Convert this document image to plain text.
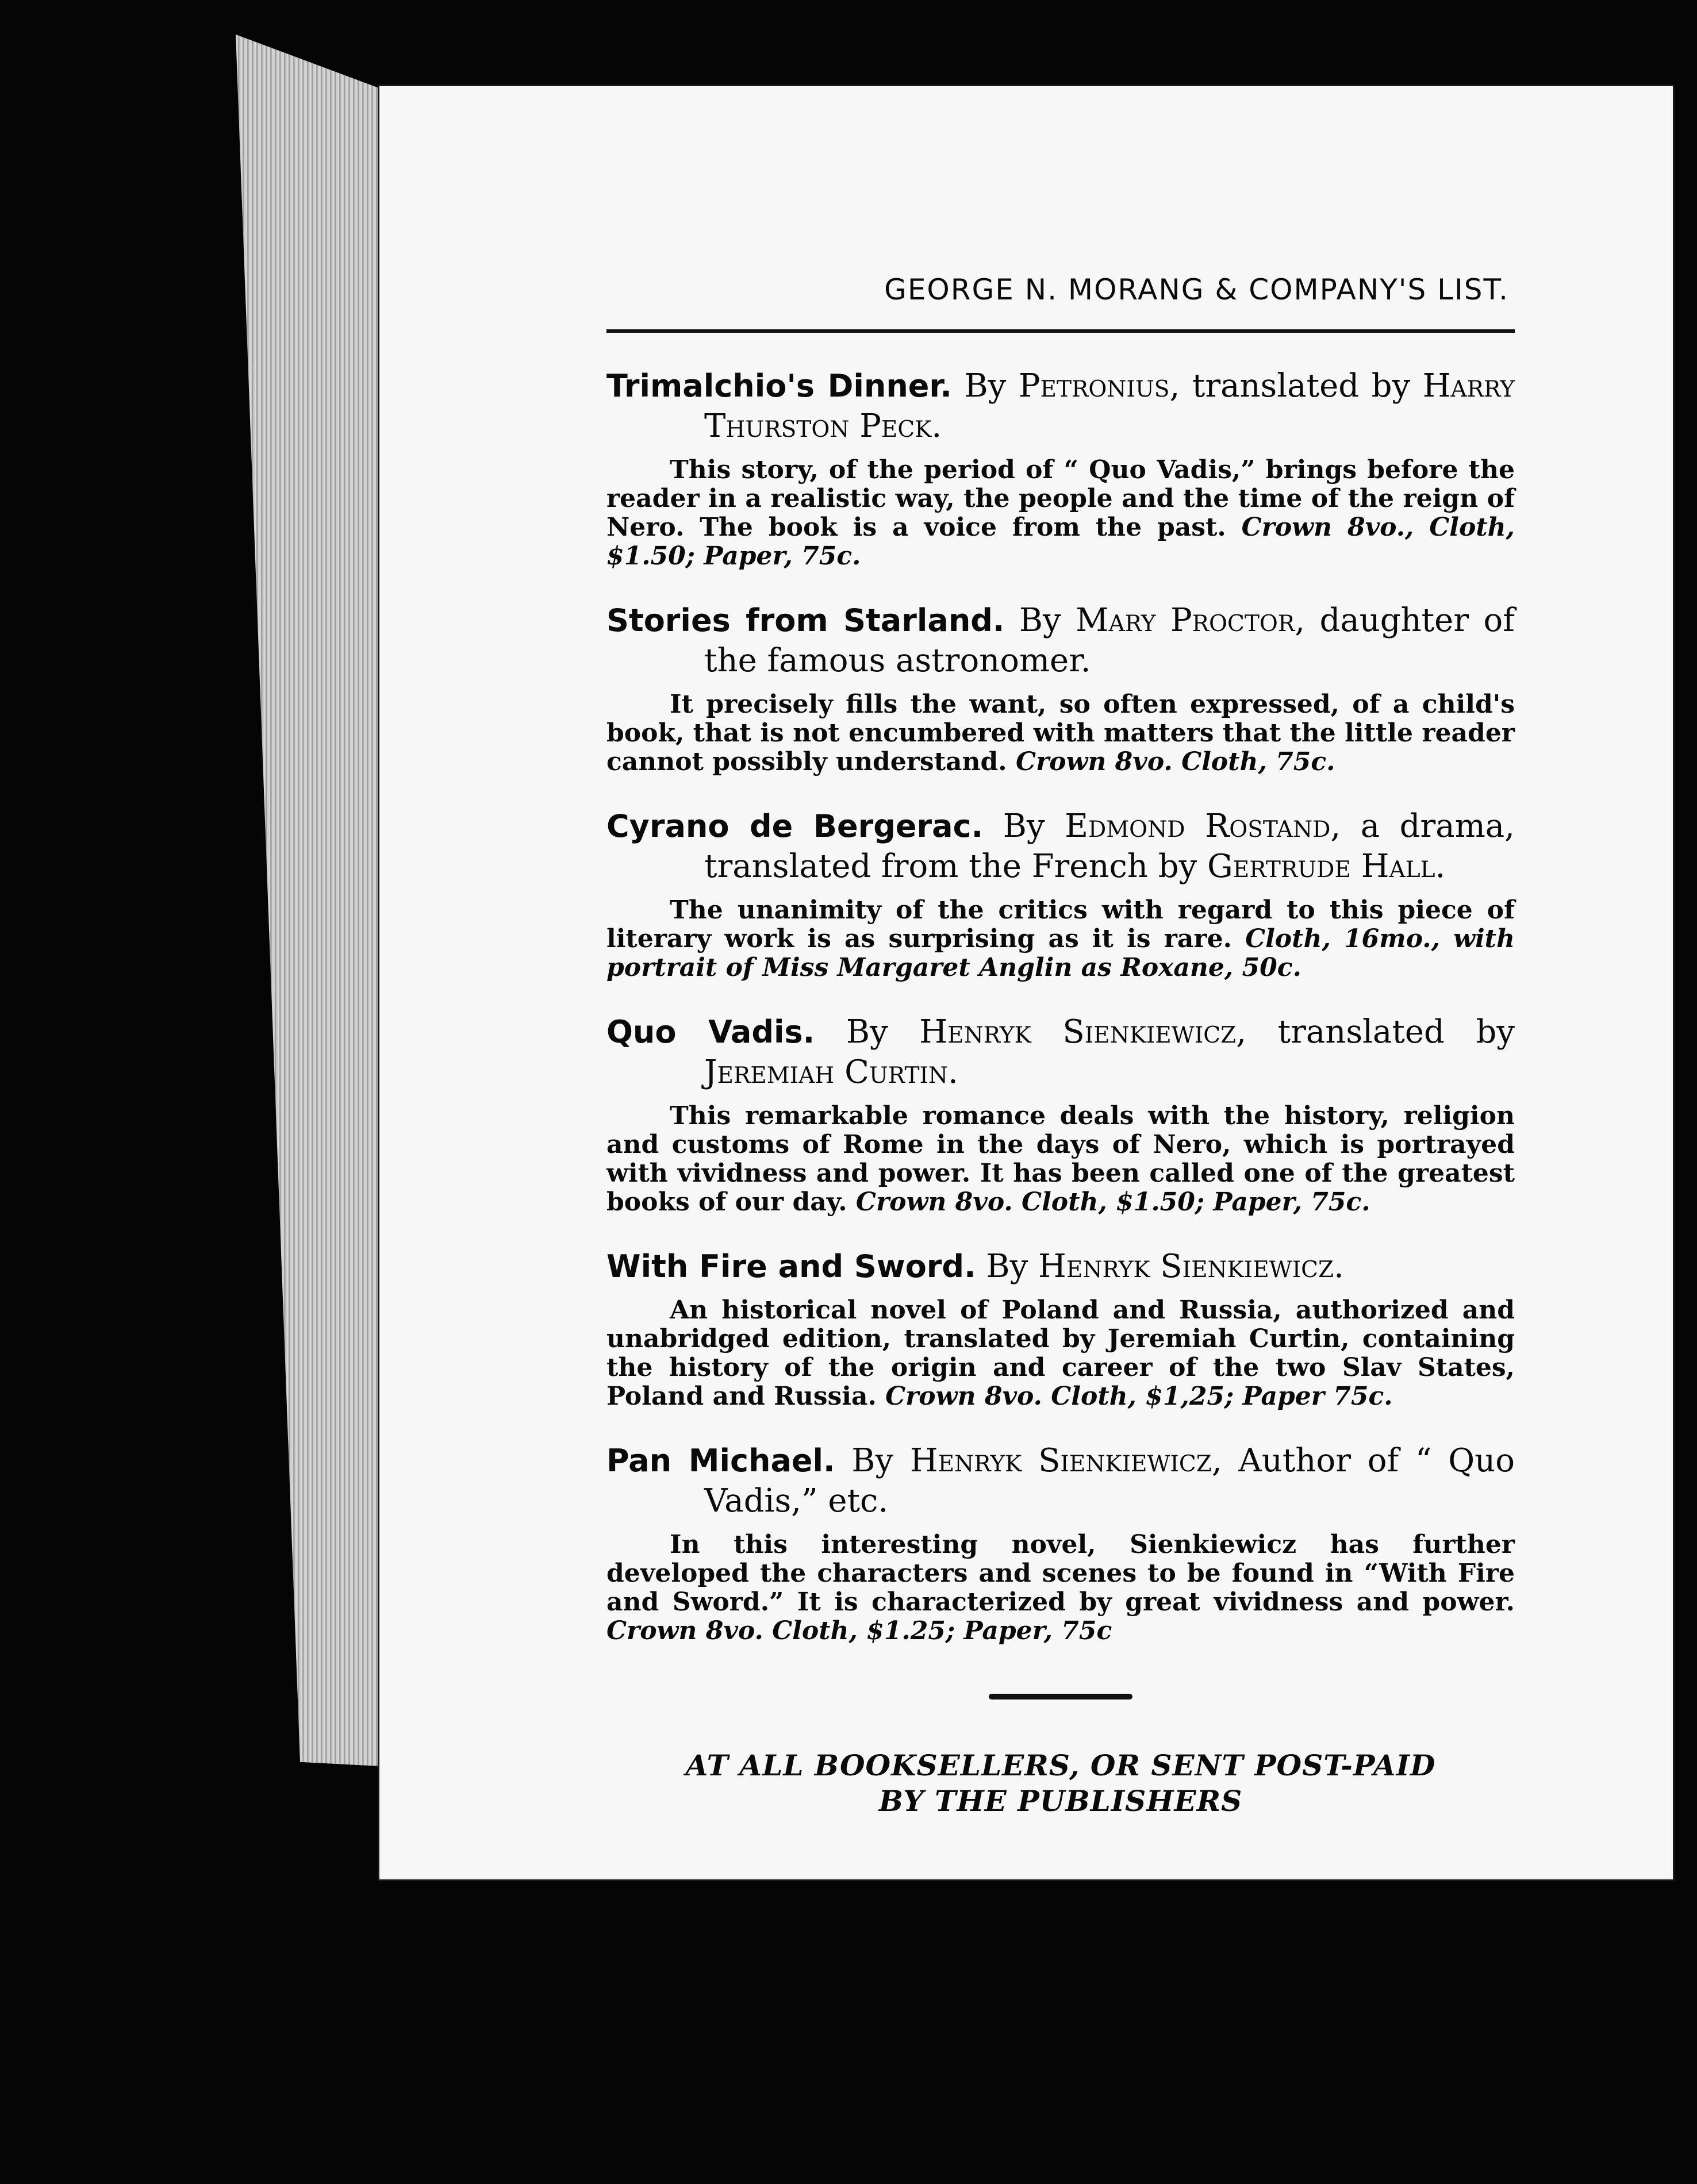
GEORGE N. MORANG & COMPANY'S LIST.
Trimalchio's Dinner. By Petronius, translated by Harry Thurston Peck.
This story, of the period of “ Quo Vadis,” brings before the reader in a realistic way, the people and the time of the reign of Nero. The book is a voice from the past. Crown 8vo., Cloth, $1.50; Paper, 75c.
Stories from Starland. By Mary Proctor, daughter of the famous astronomer.
It precisely fills the want, so often expressed, of a child's book, that is not encumbered with matters that the little reader cannot possibly understand. Crown 8vo. Cloth, 75c.
Cyrano de Bergerac. By Edmond Rostand, a drama, translated from the French by Gertrude Hall.
The unanimity of the critics with regard to this piece of literary work is as surprising as it is rare. Cloth, 16mo., with portrait of Miss Margaret Anglin as Roxane, 50c.
Quo Vadis. By Henryk Sienkiewicz, translated by Jeremiah Curtin.
This remarkable romance deals with the history, religion and customs of Rome in the days of Nero, which is portrayed with vividness and power. It has been called one of the greatest books of our day. Crown 8vo. Cloth, $1.50; Paper, 75c.
With Fire and Sword. By Henryk Sienkiewicz.
An historical novel of Poland and Russia, authorized and unabridged edition, translated by Jeremiah Curtin, containing the history of the origin and career of the two Slav States, Poland and Russia. Crown 8vo. Cloth, $1,25; Paper 75c.
Pan Michael. By Henryk Sienkiewicz, Author of “ Quo Vadis,” etc.
In this interesting novel, Sienkiewicz has further developed the characters and scenes to be found in “With Fire and Sword.” It is characterized by great vividness and power. Crown 8vo. Cloth, $1.25; Paper, 75c
AT ALL BOOKSELLERS, OR SENT POST-PAID
BY THE PUBLISHERS
